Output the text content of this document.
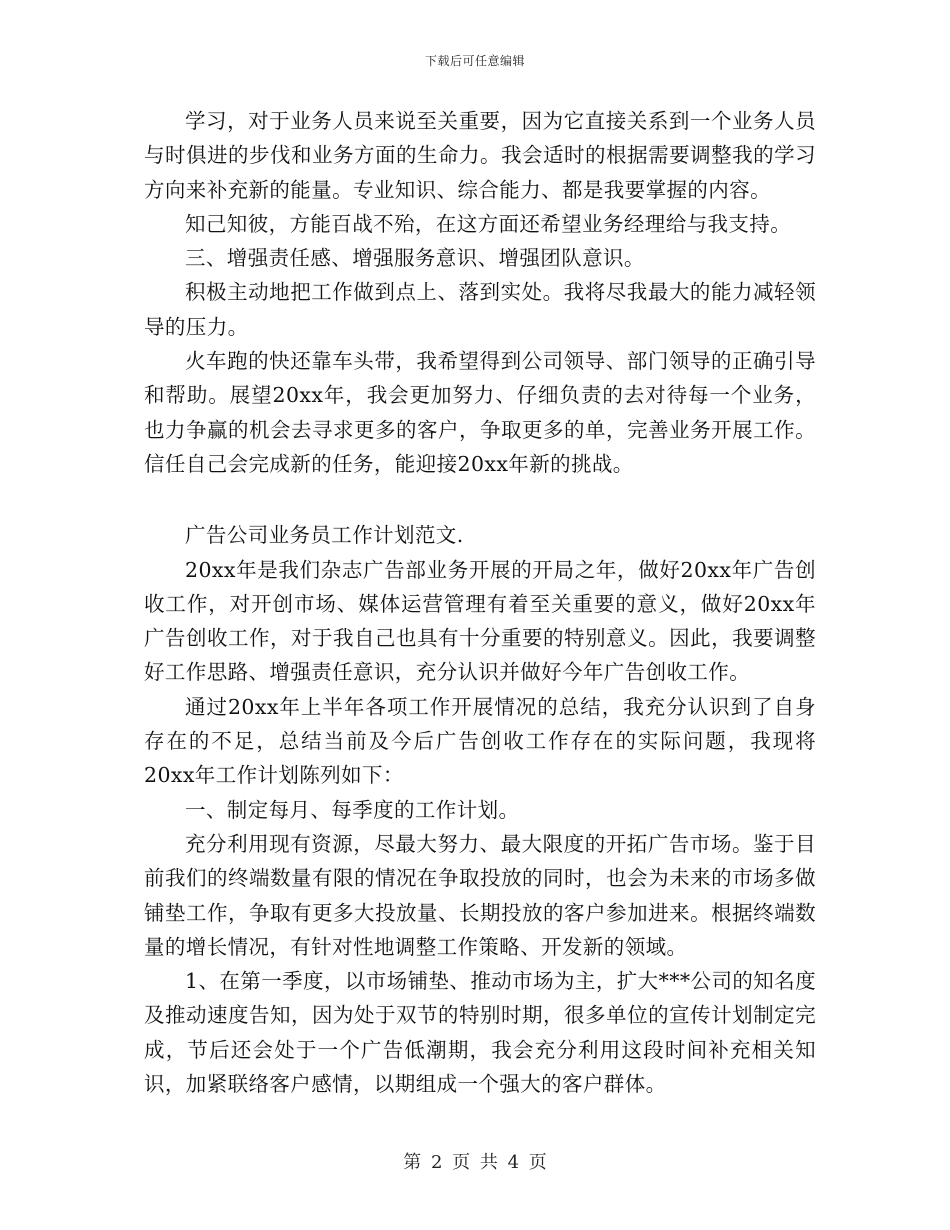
下载后可任意编辑

学习，对于业务人员来说至关重要，因为它直接关系到一个业务人员与时俱进的步伐和业务方面的生命力。我会适时的根据需要调整我的学习方向来补充新的能量。专业知识、综合能力、都是我要掌握的内容。

知己知彼，方能百战不殆，在这方面还希望业务经理给与我支持。

三、增强责任感、增强服务意识、增强团队意识。

积极主动地把工作做到点上、落到实处。我将尽我最大的能力减轻领导的压力。

火车跑的快还靠车头带，我希望得到公司领导、部门领导的正确引导和帮助。展望20xx年，我会更加努力、仔细负责的去对待每一个业务，也力争赢的机会去寻求更多的客户，争取更多的单，完善业务开展工作。信任自己会完成新的任务，能迎接20xx年新的挑战。

广告公司业务员工作计划范文.

20xx年是我们杂志广告部业务开展的开局之年，做好20xx年广告创收工作，对开创市场、媒体运营管理有着至关重要的意义，做好20xx年广告创收工作，对于我自己也具有十分重要的特别意义。因此，我要调整好工作思路、增强责任意识，充分认识并做好今年广告创收工作。

通过20xx年上半年各项工作开展情况的总结，我充分认识到了自身存在的不足，总结当前及今后广告创收工作存在的实际问题，我现将20xx年工作计划陈列如下：

一、制定每月、每季度的工作计划。

充分利用现有资源，尽最大努力、最大限度的开拓广告市场。鉴于目前我们的终端数量有限的情况在争取投放的同时，也会为未来的市场多做铺垫工作，争取有更多大投放量、长期投放的客户参加进来。根据终端数量的增长情况，有针对性地调整工作策略、开发新的领域。

1、在第一季度，以市场铺垫、推动市场为主，扩大***公司的知名度及推动速度告知，因为处于双节的特别时期，很多单位的宣传计划制定完成，节后还会处于一个广告低潮期，我会充分利用这段时间补充相关知识，加紧联络客户感情，以期组成一个强大的客户群体。

第 2 页 共 4 页
